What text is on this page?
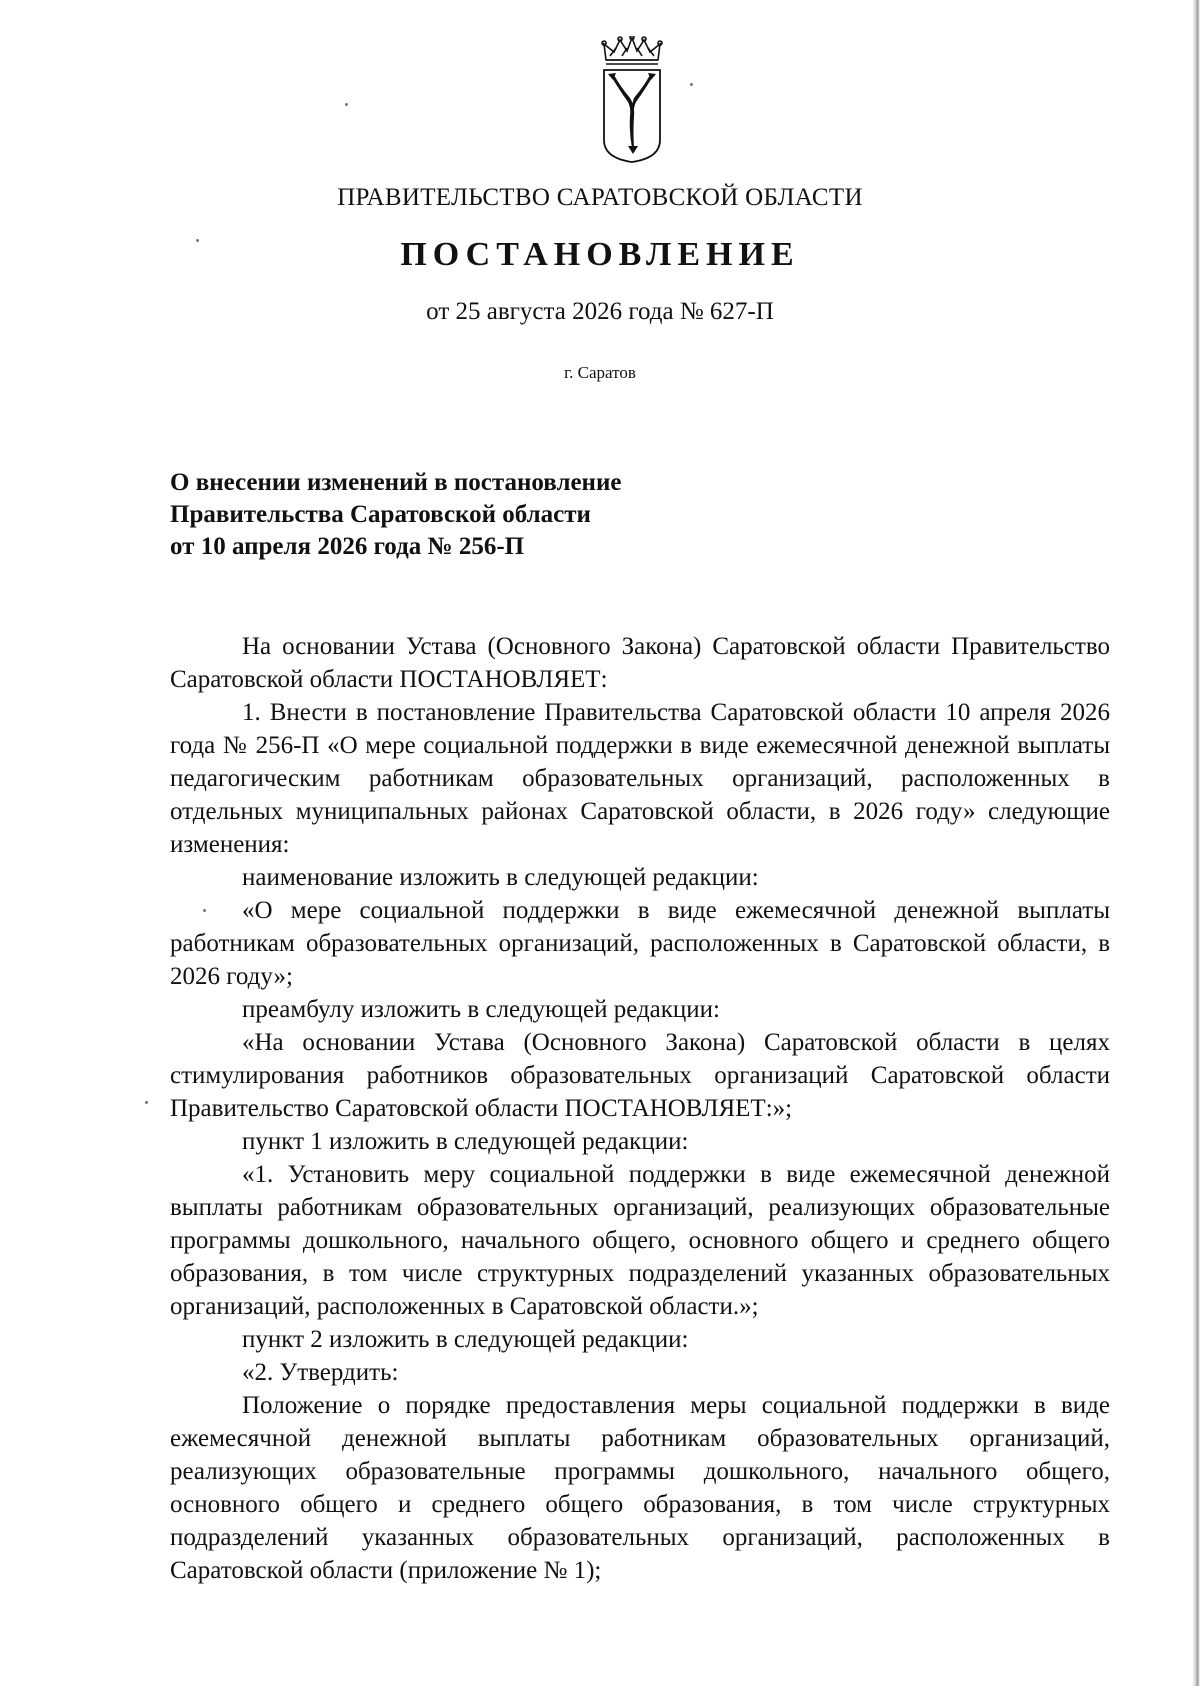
ПРАВИТЕЛЬСТВО САРАТОВСКОЙ ОБЛАСТИ
ПОСТАНОВЛЕНИЕ
от 25 августа 2026 года № 627-П
г. Саратов
О внесении изменений в постановление
Правительства Саратовской области
от 10 апреля 2026 года № 256-П

На основании Устава (Основного Закона) Саратовской области Правительство Саратовской области ПОСТАНОВЛЯЕТ:

1. Внести в постановление Правительства Саратовской области 10 апреля 2026 года № 256-П «О мере социальной поддержки в виде ежемесячной денежной выплаты педагогическим работникам образовательных организаций, расположенных в отдельных муниципальных районах Саратовской области, в 2026 году» следующие изменения:

наименование изложить в следующей редакции:

«О мере социальной поддержки в виде ежемесячной денежной выплаты работникам образовательных организаций, расположенных в Саратовской области, в 2026 году»;

преамбулу изложить в следующей редакции:

«На основании Устава (Основного Закона) Саратовской области в целях стимулирования работников образовательных организаций Саратовской области Правительство Саратовской области ПОСТАНОВЛЯЕТ:»;

пункт 1 изложить в следующей редакции:

«1. Установить меру социальной поддержки в виде ежемесячной денежной выплаты работникам образовательных организаций, реализующих образовательные программы дошкольного, начального общего, основного общего и среднего общего образования, в том числе структурных подразделений указанных образовательных организаций, расположенных в Саратовской области.»;

пункт 2 изложить в следующей редакции:

«2. Утвердить:

Положение о порядке предоставления меры социальной поддержки в виде ежемесячной денежной выплаты работникам образовательных организаций, реализующих образовательные программы дошкольного, начального общего, основного общего и среднего общего образования, в том числе структурных подразделений указанных образовательных организаций, расположенных в Саратовской области (приложение № 1);
